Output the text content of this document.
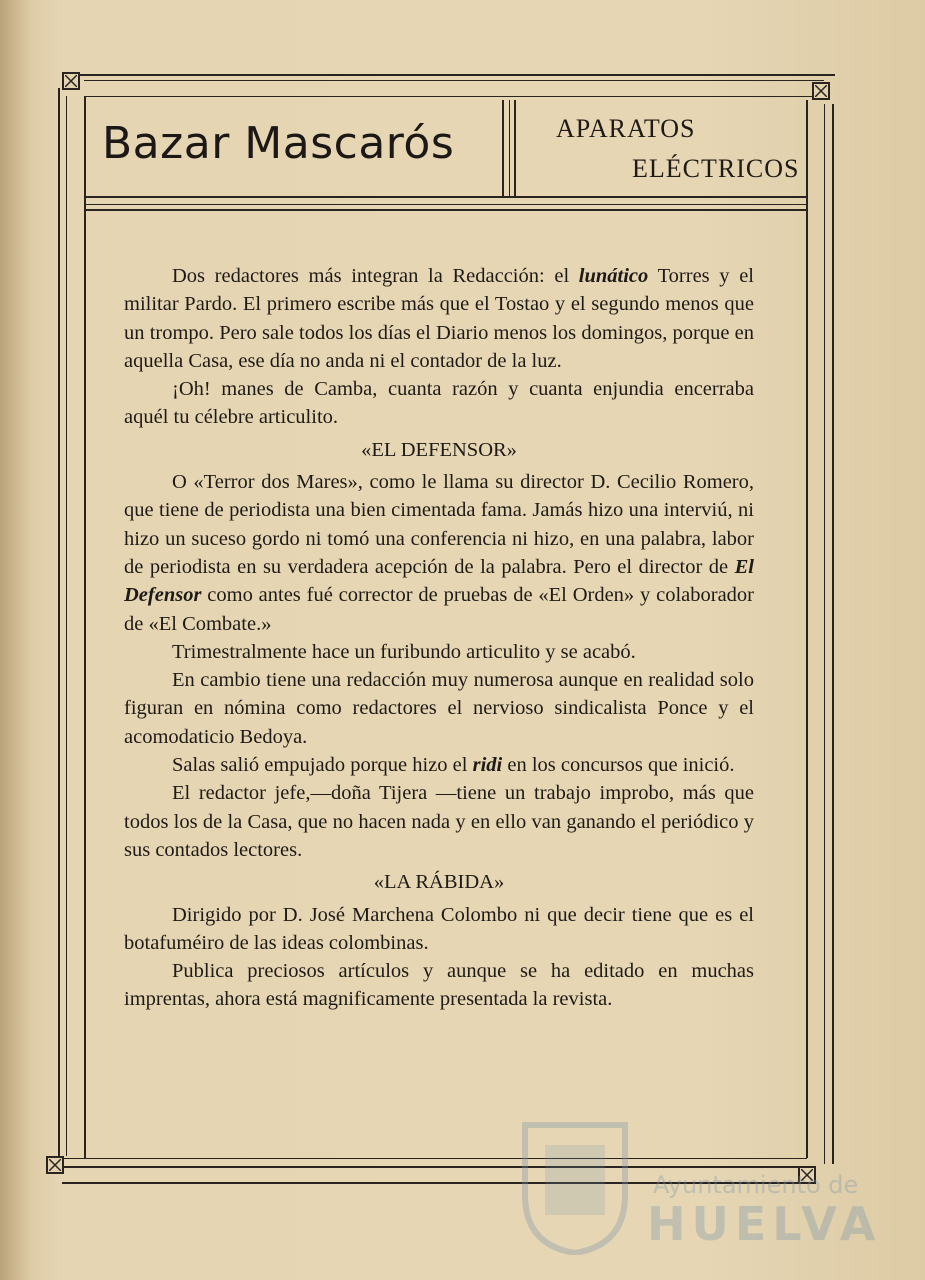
Bazar Mascarós	APARATOS
ELÉCTRICOS

Dos redactores más integran la Redacción: el lunático Torres y el militar Pardo. El primero escribe más que el Tostao y el segundo menos que un trompo. Pero sale todos los días el Diario menos los domingos, porque en aquella Casa, ese día no anda ni el contador de la luz.

¡Oh! manes de Camba, cuanta razón y cuanta enjundia encerraba aquél tu célebre articulito.

«EL DEFENSOR»

O «Terror dos Mares», como le llama su director D. Cecilio Romero, que tiene de periodista una bien cimentada fama. Jamás hizo una interviú, ni hizo un suceso gordo ni tomó una conferencia ni hizo, en una palabra, labor de periodista en su verdadera acepción de la palabra. Pero el director de El Defensor como antes fué corrector de pruebas de «El Orden» y colaborador de «El Combate.»

Trimestralmente hace un furibundo articulito y se acabó.

En cambio tiene una redacción muy numerosa aunque en realidad solo figuran en nómina como redactores el nervioso sindicalista Ponce y el acomodaticio Bedoya.

Salas salió empujado porque hizo el ridi en los concursos que inició.

El redactor jefe,—doña Tijera —tiene un trabajo improbo, más que todos los de la Casa, que no hacen nada y en ello van ganando el periódico y sus contados lectores.

«LA RÁBIDA»

Dirigido por D. José Marchena Colombo ni que decir tiene que es el botafuméiro de las ideas colombinas.

Publica preciosos artículos y aunque se ha editado en muchas imprentas, ahora está magnificamente presentada la revista.

Ayuntamiento de
HUELVA
